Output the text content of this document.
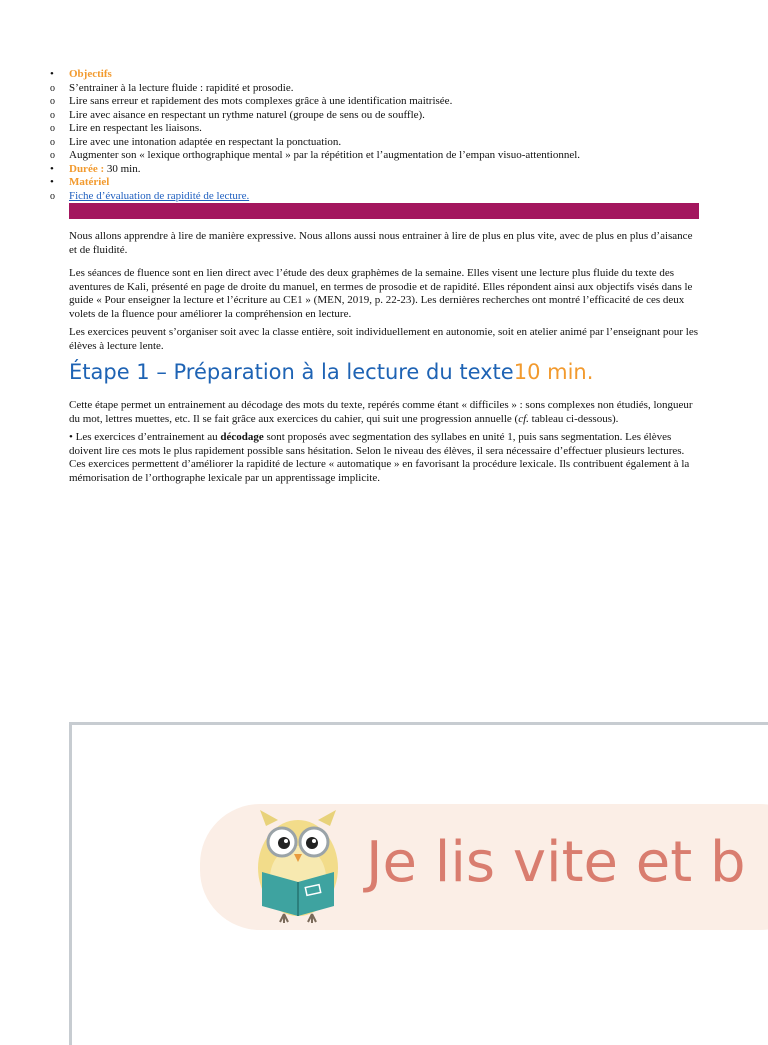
• Objectifs
o S’entrainer à la lecture fluide : rapidité et prosodie.
o Lire sans erreur et rapidement des mots complexes grâce à une identification maitrisée.
o Lire avec aisance en respectant un rythme naturel (groupe de sens ou de souffle).
o Lire en respectant les liaisons.
o Lire avec une intonation adaptée en respectant la ponctuation.
o Augmenter son « lexique orthographique mental » par la répétition et l’augmentation de l’empan visuo-attentionnel.
• Durée : 30 min.
• Matériel
o Fiche d’évaluation de rapidité de lecture.

Nous allons apprendre à lire de manière expressive. Nous allons aussi nous entrainer à lire de plus en plus vite, avec de plus en plus d’aisance et de fluidité.

Les séances de fluence sont en lien direct avec l’étude des deux graphèmes de la semaine. Elles visent une lecture plus fluide du texte des aventures de Kali, présenté en page de droite du manuel, en termes de prosodie et de rapidité. Elles répondent ainsi aux objectifs visés dans le guide « Pour enseigner la lecture et l’écriture au CE1 » (MEN, 2019, p. 22-23). Les dernières recherches ont montré l’efficacité de ces deux volets de la fluence pour améliorer la compréhension en lecture.

Les exercices peuvent s’organiser soit avec la classe entière, soit individuellement en autonomie, soit en atelier animé par l’enseignant pour les élèves à lecture lente.

Étape 1 – Préparation à la lecture du texte10 min.

Cette étape permet un entrainement au décodage des mots du texte, repérés comme étant « difficiles » : sons complexes non étudiés, longueur du mot, lettres muettes, etc. Il se fait grâce aux exercices du cahier, qui suit une progression annuelle (cf. tableau ci-dessous).

• Les exercices d’entrainement au décodage sont proposés avec segmentation des syllabes en unité 1, puis sans segmentation. Les élèves doivent lire ces mots le plus rapidement possible sans hésitation. Selon le niveau des élèves, il sera nécessaire d’effectuer plusieurs lectures. Ces exercices permettent d’améliorer la rapidité de lecture « automatique » en favorisant la procédure lexicale. Ils contribuent également à la mémorisation de l’orthographe lexicale par un apprentissage implicite.

Je lis vite et b
